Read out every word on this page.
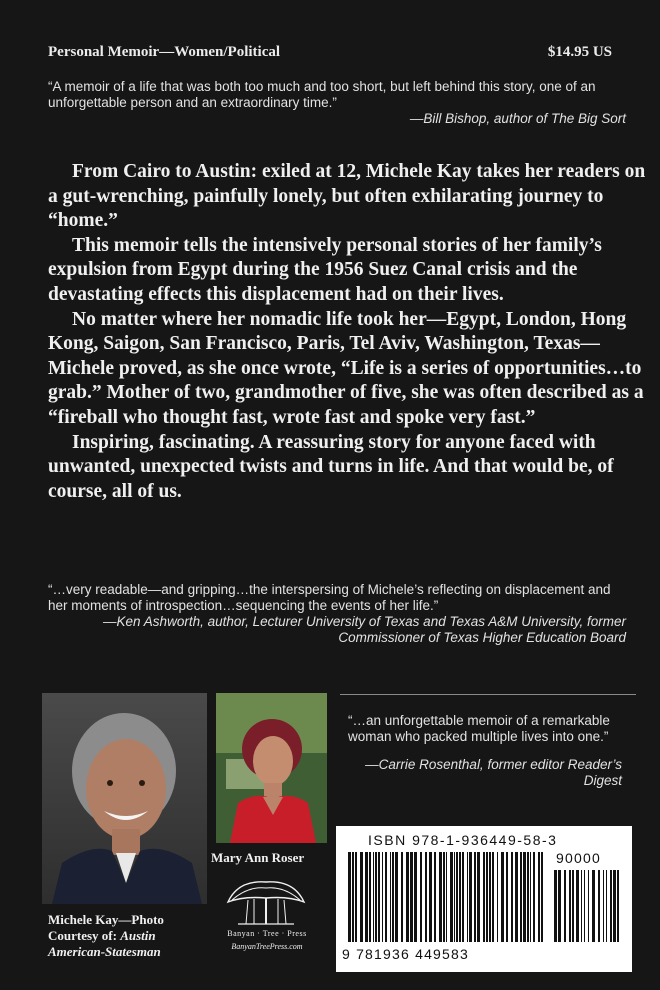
Personal Memoir—Women/Political	$14.95 US
“A memoir of a life that was both too much and too short, but left behind this story, one of an unforgettable person and an extraordinary time.”
—Bill Bishop, author of The Big Sort

From Cairo to Austin: exiled at 12, Michele Kay takes her readers on a gut-wrenching, painfully lonely, but often exhilarating journey to “home.”

This memoir tells the intensively personal stories of her family’s expulsion from Egypt during the 1956 Suez Canal crisis and the devastating effects this displacement had on their lives.

No matter where her nomadic life took her—Egypt, London, Hong Kong, Saigon, San Francisco, Paris, Tel Aviv, Washington, Texas—Michele proved, as she once wrote, “Life is a series of opportunities…to grab.” Mother of two, grandmother of five, she was often described as a “fireball who thought fast, wrote fast and spoke very fast.”

Inspiring, fascinating. A reassuring story for anyone faced with unwanted, unexpected twists and turns in life. And that would be, of course, all of us.

“…very readable—and gripping…the interspersing of Michele’s reflecting on displacement and her moments of introspection…sequencing the events of her life.”
—Ken Ashworth, author, Lecturer University of Texas and Texas A&M University, former Commissioner of Texas Higher Education Board
Mary Ann Roser
Michele Kay—Photo
Courtesy of: Austin
American-Statesman
“…an unforgettable memoir of a remarkable woman who packed multiple lives into one.”
—Carrie Rosenthal, former editor Reader’s Digest
Banyan · Tree · Press
BanyanTreePress.com
ISBN 978-1-936449-58-3
90000
9 781936 449583
